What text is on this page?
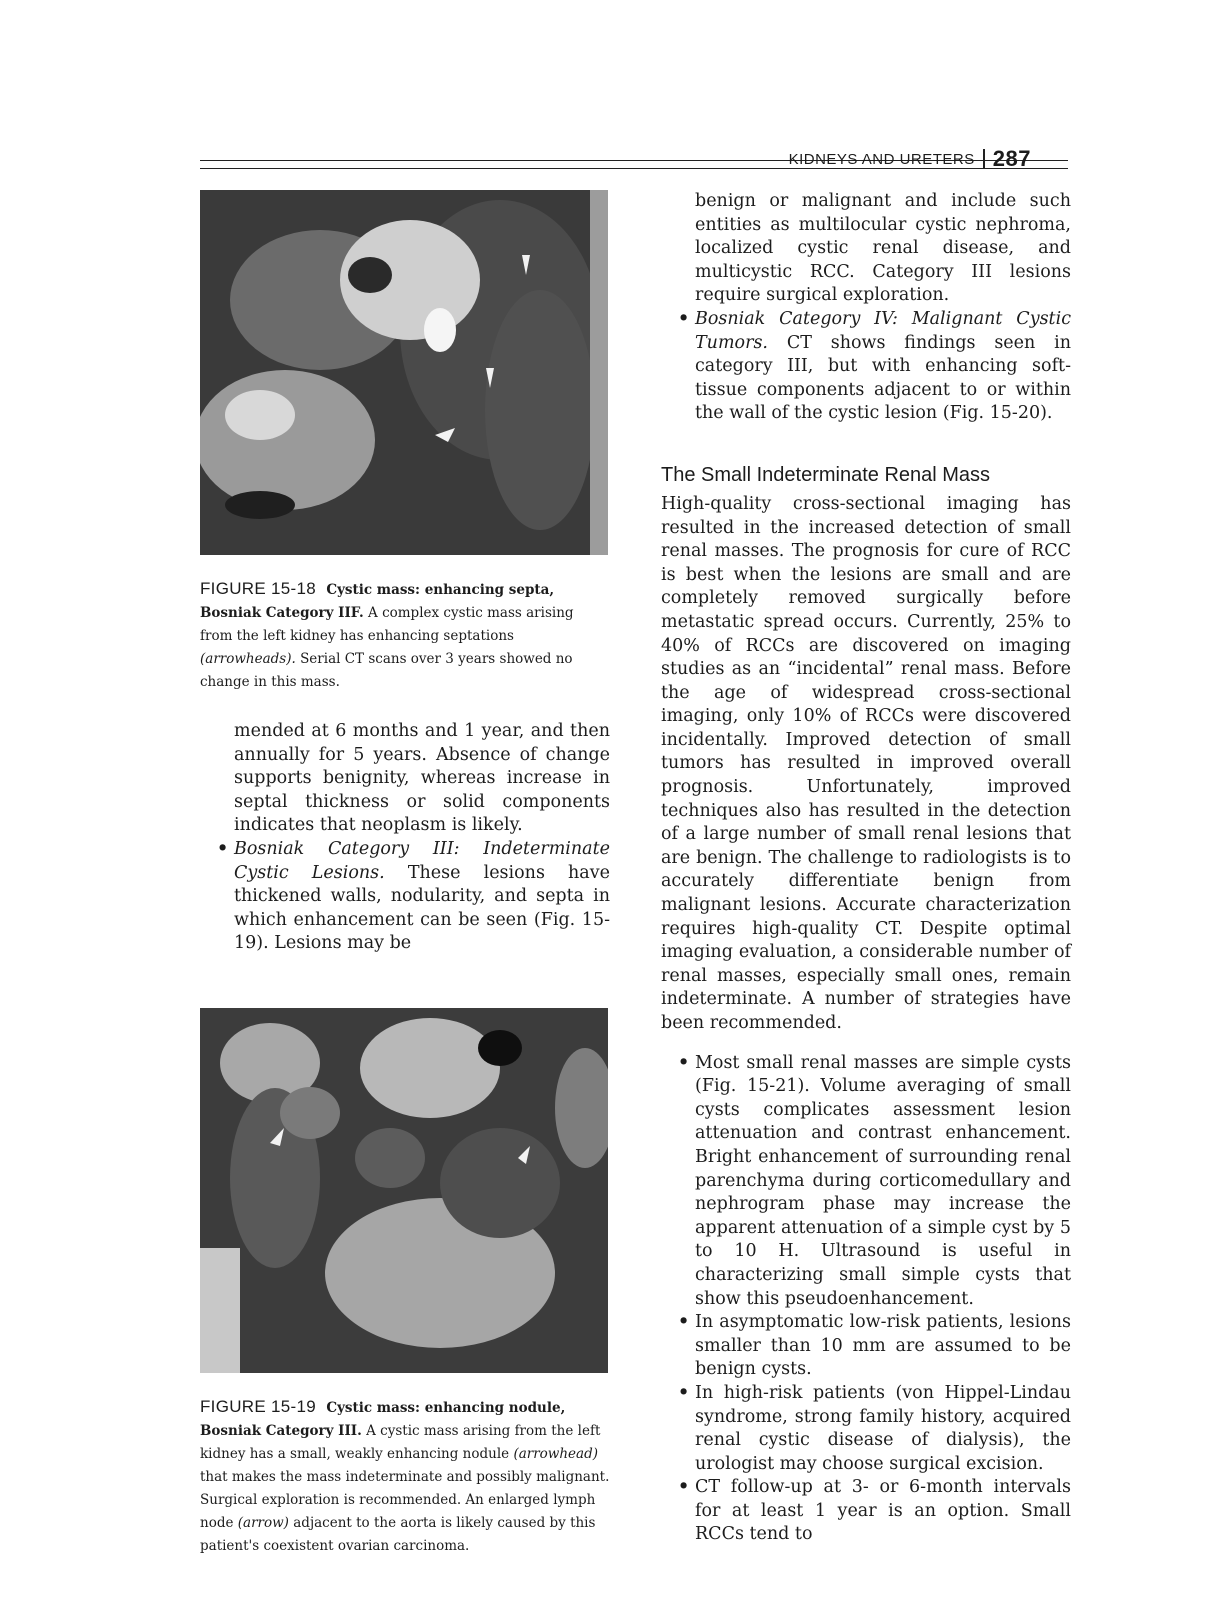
KIDNEYS AND URETERS 287
FIGURE 15-18 Cystic mass: enhancing septa, Bosniak Category IIF. A complex cystic mass arising from the left kidney has enhancing septations (arrowheads). Serial CT scans over 3 years showed no change in this mass.

mended at 6 months and 1 year, and then annually for 5 years. Absence of change supports benignity, whereas increase in septal thickness or solid components indicates that neoplasm is likely.

• Bosniak Category III: Indeterminate Cystic Lesions. These lesions have thickened walls, nodularity, and septa in which enhancement can be seen (Fig. 15-19). Lesions may be
FIGURE 15-19 Cystic mass: enhancing nodule, Bosniak Category III. A cystic mass arising from the left kidney has a small, weakly enhancing nodule (arrowhead) that makes the mass indeterminate and possibly malignant. Surgical exploration is recommended. An enlarged lymph node (arrow) adjacent to the aorta is likely caused by this patient's coexistent ovarian carcinoma.

benign or malignant and include such entities as multilocular cystic nephroma, localized cystic renal disease, and multicystic RCC. Category III lesions require surgical exploration.

• Bosniak Category IV: Malignant Cystic Tumors. CT shows findings seen in category III, but with enhancing soft-tissue components adjacent to or within the wall of the cystic lesion (Fig. 15-20).
The Small Indeterminate Renal Mass

High-quality cross-sectional imaging has resulted in the increased detection of small renal masses. The prognosis for cure of RCC is best when the lesions are small and are completely removed surgically before metastatic spread occurs. Currently, 25% to 40% of RCCs are discovered on imaging studies as an “incidental” renal mass. Before the age of widespread cross-sectional imaging, only 10% of RCCs were discovered incidentally. Improved detection of small tumors has resulted in improved overall prognosis. Unfortunately, improved techniques also has resulted in the detection of a large number of small renal lesions that are benign. The challenge to radiologists is to accurately differentiate benign from malignant lesions. Accurate characterization requires high-quality CT. Despite optimal imaging evaluation, a considerable number of renal masses, especially small ones, remain indeterminate. A number of strategies have been recommended.

• Most small renal masses are simple cysts (Fig. 15-21). Volume averaging of small cysts complicates assessment lesion attenuation and contrast enhancement. Bright enhancement of surrounding renal parenchyma during corticomedullary and nephrogram phase may increase the apparent attenuation of a simple cyst by 5 to 10 H. Ultrasound is useful in characterizing small simple cysts that show this pseudoenhancement.
• In asymptomatic low-risk patients, lesions smaller than 10 mm are assumed to be benign cysts.
• In high-risk patients (von Hippel-Lindau syndrome, strong family history, acquired renal cystic disease of dialysis), the urologist may choose surgical excision.
• CT follow-up at 3- or 6-month intervals for at least 1 year is an option. Small RCCs tend to
